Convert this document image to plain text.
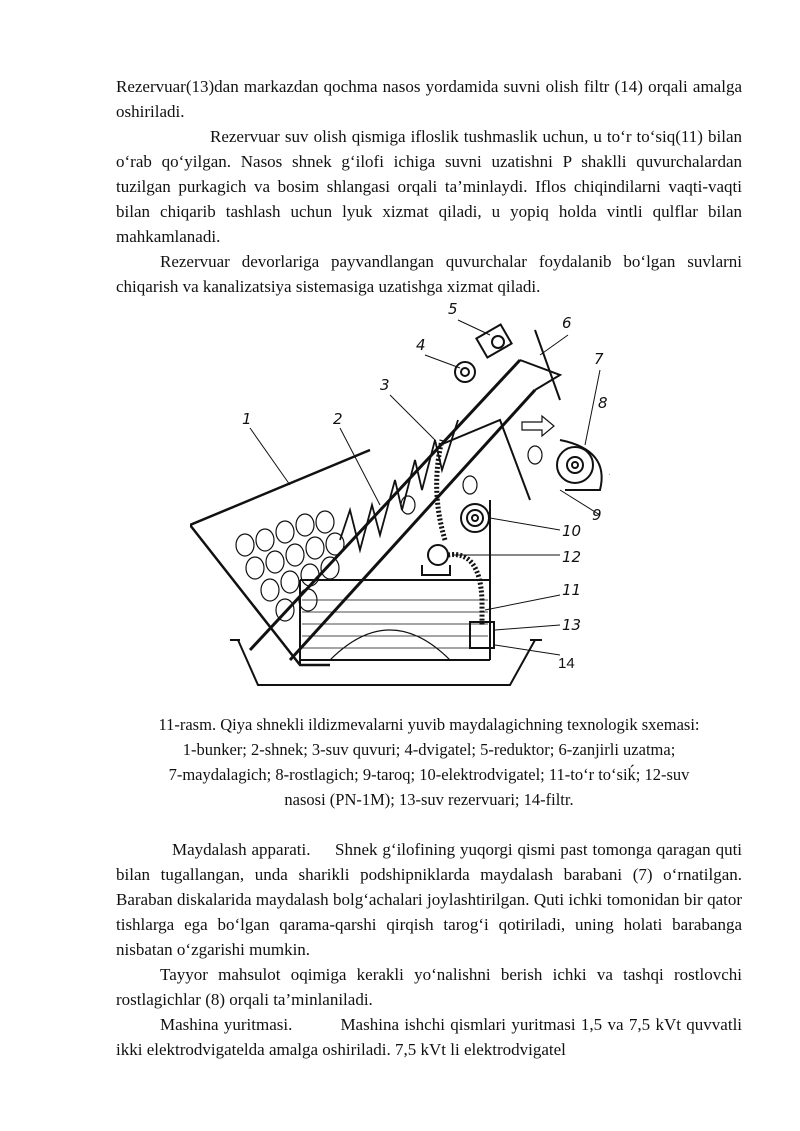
Rezervuar(13)dan markazdan qochma nasos yordamida suvni olish filtr (14) orqali amalga oshiriladi.

Rezervuar suv olish qismiga ifloslik tushmaslik uchun, u to‘r to‘siq(11) bilan o‘rab qo‘yilgan. Nasos shnek g‘ilofi ichiga suvni uzatishni P shaklli quvurchalardan tuzilgan purkagich va bosim shlangasi orqali ta’minlaydi. Iflos chiqindilarni vaqti-vaqti bilan chiqarib tashlash uchun lyuk xizmat qiladi, u yopiq holda vintli qulflar bilan mahkamlanadi.

Rezervuar devorlariga payvandlangan quvurchalar foydalanib bo‘lgan suvlarni chiqarish va kanalizatsiya sistemasiga uzatishga xizmat qiladi.

1	2
3
4
5
6
7
8
9
10
12
11
13
14
11-rasm. Qiya shnekli ildizmevalarni yuvib maydalagichning texnologik sxemasi:
1-bunker; 2-shnek; 3-suv quvuri; 4-dvigatel; 5-reduktor; 6-zanjirli uzatma;
7-maydalagich; 8-rostlagich; 9-taroq; 10-elektrodvigatel; 11-to‘r to‘siḱ; 12-suv
nasosi (PN-1M); 13-suv rezervuari; 14-filtr.

Maydalash apparati. Shnek g‘ilofining yuqorgi qismi past tomonga qaragan quti bilan tugallangan, unda sharikli podshipniklarda maydalash barabani (7) o‘rnatilgan. Baraban diskalarida maydalash bolg‘achalari joylashtirilgan. Quti ichki tomonidan bir qator tishlarga ega bo‘lgan qarama-qarshi qirqish tarog‘i qotiriladi, uning holati barabanga nisbatan o‘zgarishi mumkin.

Tayyor mahsulot oqimiga kerakli yo‘nalishni berish ichki va tashqi rostlovchi rostlagichlar (8) orqali ta’minlaniladi.

Mashina yuritmasi.	Mashina ishchi qismlari yuritmasi 1,5 va 7,5 kVt quvvatli ikki elektrodvigatelda amalga oshiriladi. 7,5 kVt li elektrodvigatel
